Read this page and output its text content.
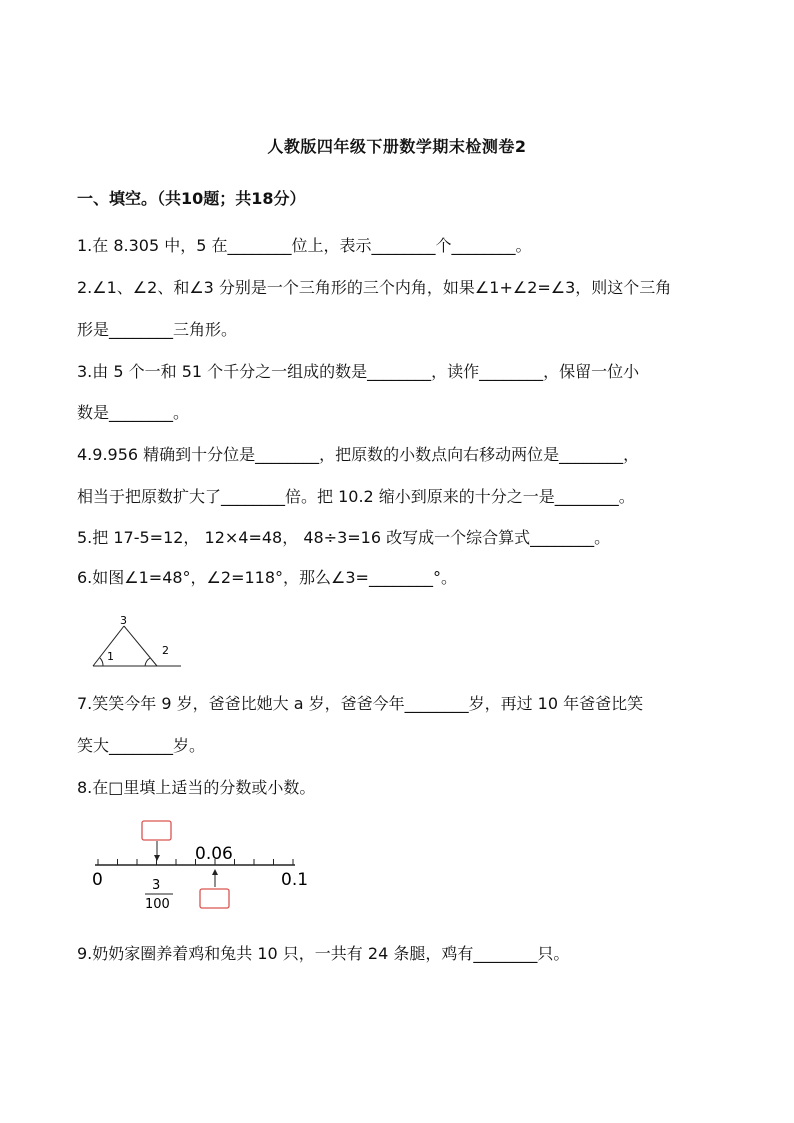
人教版四年级下册数学期末检测卷2
一、填空。（共10题；共18分）
1.在 8.305 中，5 在________位上，表示________个________。
2.∠1、∠2、和∠3 分别是一个三角形的三个内角，如果∠1+∠2=∠3，则这个三角
形是________三角形。
3.由 5 个一和 51 个千分之一组成的数是________，读作________，保留一位小
数是________。
4.9.956 精确到十分位是________，把原数的小数点向右移动两位是________，
相当于把原数扩大了________倍。把 10.2 缩小到原来的十分之一是________。
5.把 17-5=12， 12×4=48， 48÷3=16 改写成一个综合算式________。
6.如图∠1=48°，∠2=118°，那么∠3=________°。
3
1	2
7.笑笑今年 9 岁，爸爸比她大 a 岁，爸爸今年________岁，再过 10 年爸爸比笑
笑大________岁。
8.在□里填上适当的分数或小数。
0.06
0	0.1
3
100
9.奶奶家圈养着鸡和兔共 10 只，一共有 24 条腿，鸡有________只。
